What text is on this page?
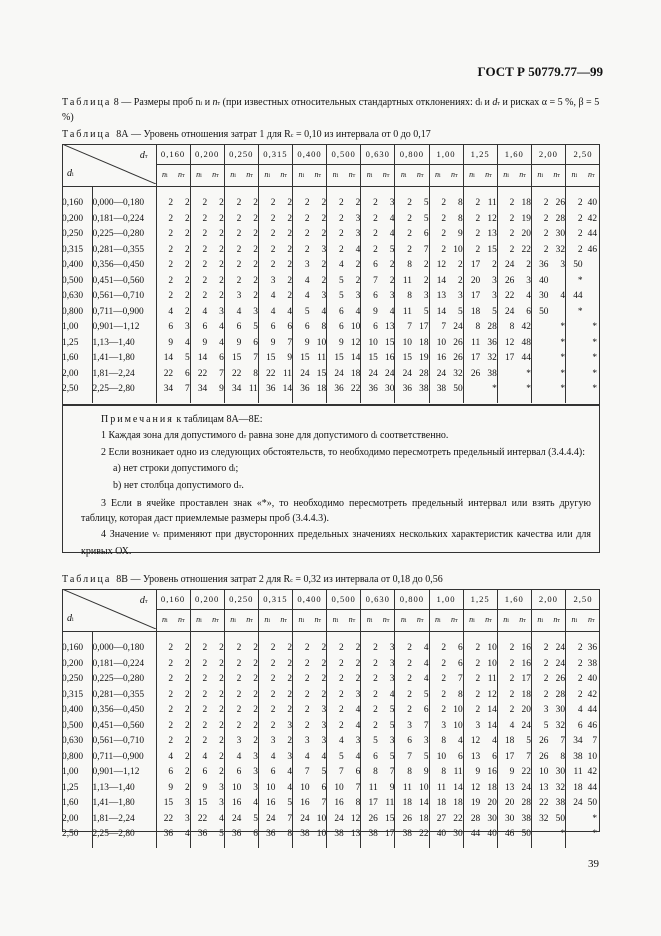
ГОСТ Р 50779.77—99
Таблица 8 — Размеры проб ni и nт (при известных относительных стандартных отклонениях: di и dт и рисках α = 5 %, β = 5 %)
Таблица 8А — Уровень отношения затрат 1 для Rc = 0,10 из интервала от 0 до 0,17
dт
di		0,160		0,200		0,250		0,315		0,400		0,500		0,630		0,800		1,00		1,25		1,60		2,00		2,50	
		ni	nт	ni	nт	ni	nт	ni	nт	ni	nт	ni	nт	ni	nт	ni	nт	ni	nт	ni	nт	ni	nт	ni	nт	ni	nт

0,160	0,000—0,180	2	2	2	2	2	2	2	2	2	2	2	2	2	3	2	5	2	8	2	11	2	18	2	26	2	40
0,200	0,181—0,224	2	2	2	2	2	2	2	2	2	2	2	3	2	4	2	5	2	8	2	12	2	19	2	28	2	42
0,250	0,225—0,280	2	2	2	2	2	2	2	2	2	2	2	3	2	4	2	6	2	9	2	13	2	20	2	30	2	44
0,315	0,281—0,355	2	2	2	2	2	2	2	2	2	3	2	4	2	5	2	7	2	10	2	15	2	22	2	32	2	46
0,400	0,356—0,450	2	2	2	2	2	2	2	2	3	2	4	2	6	2	8	2	12	2	17	2	24	2	36	3	50	
0,500	0,451—0,560	2	2	2	2	2	2	3	2	4	2	5	2	7	2	11	2	14	2	20	3	26	3	40		*	
0,630	0,561—0,710	2	2	2	2	3	2	4	2	4	3	5	3	6	3	8	3	13	3	17	3	22	4	30	4	44	
0,800	0,711—0,900	4	2	4	3	4	3	4	4	5	4	6	4	9	4	11	5	14	5	18	5	24	6	50		*	
1,00	0,901—1,12	6	3	6	4	6	5	6	6	6	8	6	10	6	13	7	17	7	24	8	28	8	42		*		*
1,25	1,13—1,40	9	4	9	4	9	6	9	7	9	10	9	12	10	15	10	18	10	26	11	36	12	48		*		*
1,60	1,41—1,80	14	5	14	6	15	7	15	9	15	11	15	14	15	16	15	19	16	26	17	32	17	44		*		*
2,00	1,81—2,24	22	6	22	7	22	8	22	11	24	15	24	18	24	24	24	28	24	32	26	38		*		*		*
2,50	2,25—2,80	34	7	34	9	34	11	36	14	36	18	36	22	36	30	36	38	38	50		*		*		*		*

Примечания к таблицам 8А—8Е:

1 Каждая зона для допустимого dт равна зоне для допустимого di соответственно.

2 Если возникает одно из следующих обстоятельств, то необходимо пересмотреть предельный интервал (3.4.4.4):

а) нет строки допустимого di;

b) нет столбца допустимого dт.

3 Если в ячейке проставлен знак «*», то необходимо пересмотреть предельный интервал или взять другую таблицу, которая даст приемлемые размеры проб (3.4.4.3).

4 Значение νc применяют при двусторонних предельных значениях нескольких характеристик качества или для кривых ОХ.

Таблица 8В — Уровень отношения затрат 2 для Rc = 0,32 из интервала от 0,18 до 0,56
dт
di		0,160		0,200		0,250		0,315		0,400		0,500		0,630		0,800		1,00		1,25		1,60		2,00		2,50	
		ni	nт	ni	nт	ni	nт	ni	nт	ni	nт	ni	nт	ni	nт	ni	nт	ni	nт	ni	nт	ni	nт	ni	nт	ni	nт

0,160	0,000—0,180	2	2	2	2	2	2	2	2	2	2	2	2	2	3	2	4	2	6	2	10	2	16	2	24	2	36
0,200	0,181—0,224	2	2	2	2	2	2	2	2	2	2	2	2	2	3	2	4	2	6	2	10	2	16	2	24	2	38
0,250	0,225—0,280	2	2	2	2	2	2	2	2	2	2	2	2	2	3	2	4	2	7	2	11	2	17	2	26	2	40
0,315	0,281—0,355	2	2	2	2	2	2	2	2	2	2	2	3	2	4	2	5	2	8	2	12	2	18	2	28	2	42
0,400	0,356—0,450	2	2	2	2	2	2	2	2	2	3	2	4	2	5	2	6	2	10	2	14	2	20	3	30	4	44
0,500	0,451—0,560	2	2	2	2	2	2	2	3	2	3	2	4	2	5	3	7	3	10	3	14	4	24	5	32	6	46
0,630	0,561—0,710	2	2	2	2	3	2	3	2	3	3	4	3	5	3	6	3	8	4	12	4	18	5	26	7	34	7
0,800	0,711—0,900	4	2	4	2	4	3	4	3	4	4	5	4	6	5	7	5	10	6	13	6	17	7	26	8	38	10
1,00	0,901—1,12	6	2	6	2	6	3	6	4	7	5	7	6	8	7	8	9	8	11	9	16	9	22	10	30	11	42
1,25	1,13—1,40	9	2	9	3	10	3	10	4	10	6	10	7	11	9	11	10	11	14	12	18	13	24	13	32	18	44
1,60	1,41—1,80	15	3	15	3	16	4	16	5	16	7	16	8	17	11	18	14	18	18	19	20	20	28	22	38	24	50
2,00	1,81—2,24	22	3	22	4	24	5	24	7	24	10	24	12	26	15	26	18	27	22	28	30	30	38	32	50		*
2,50	2,25—2,80	36	4	36	5	36	6	36	8	38	10	38	13	38	17	38	22	40	30	44	40	46	50		*		*

39
